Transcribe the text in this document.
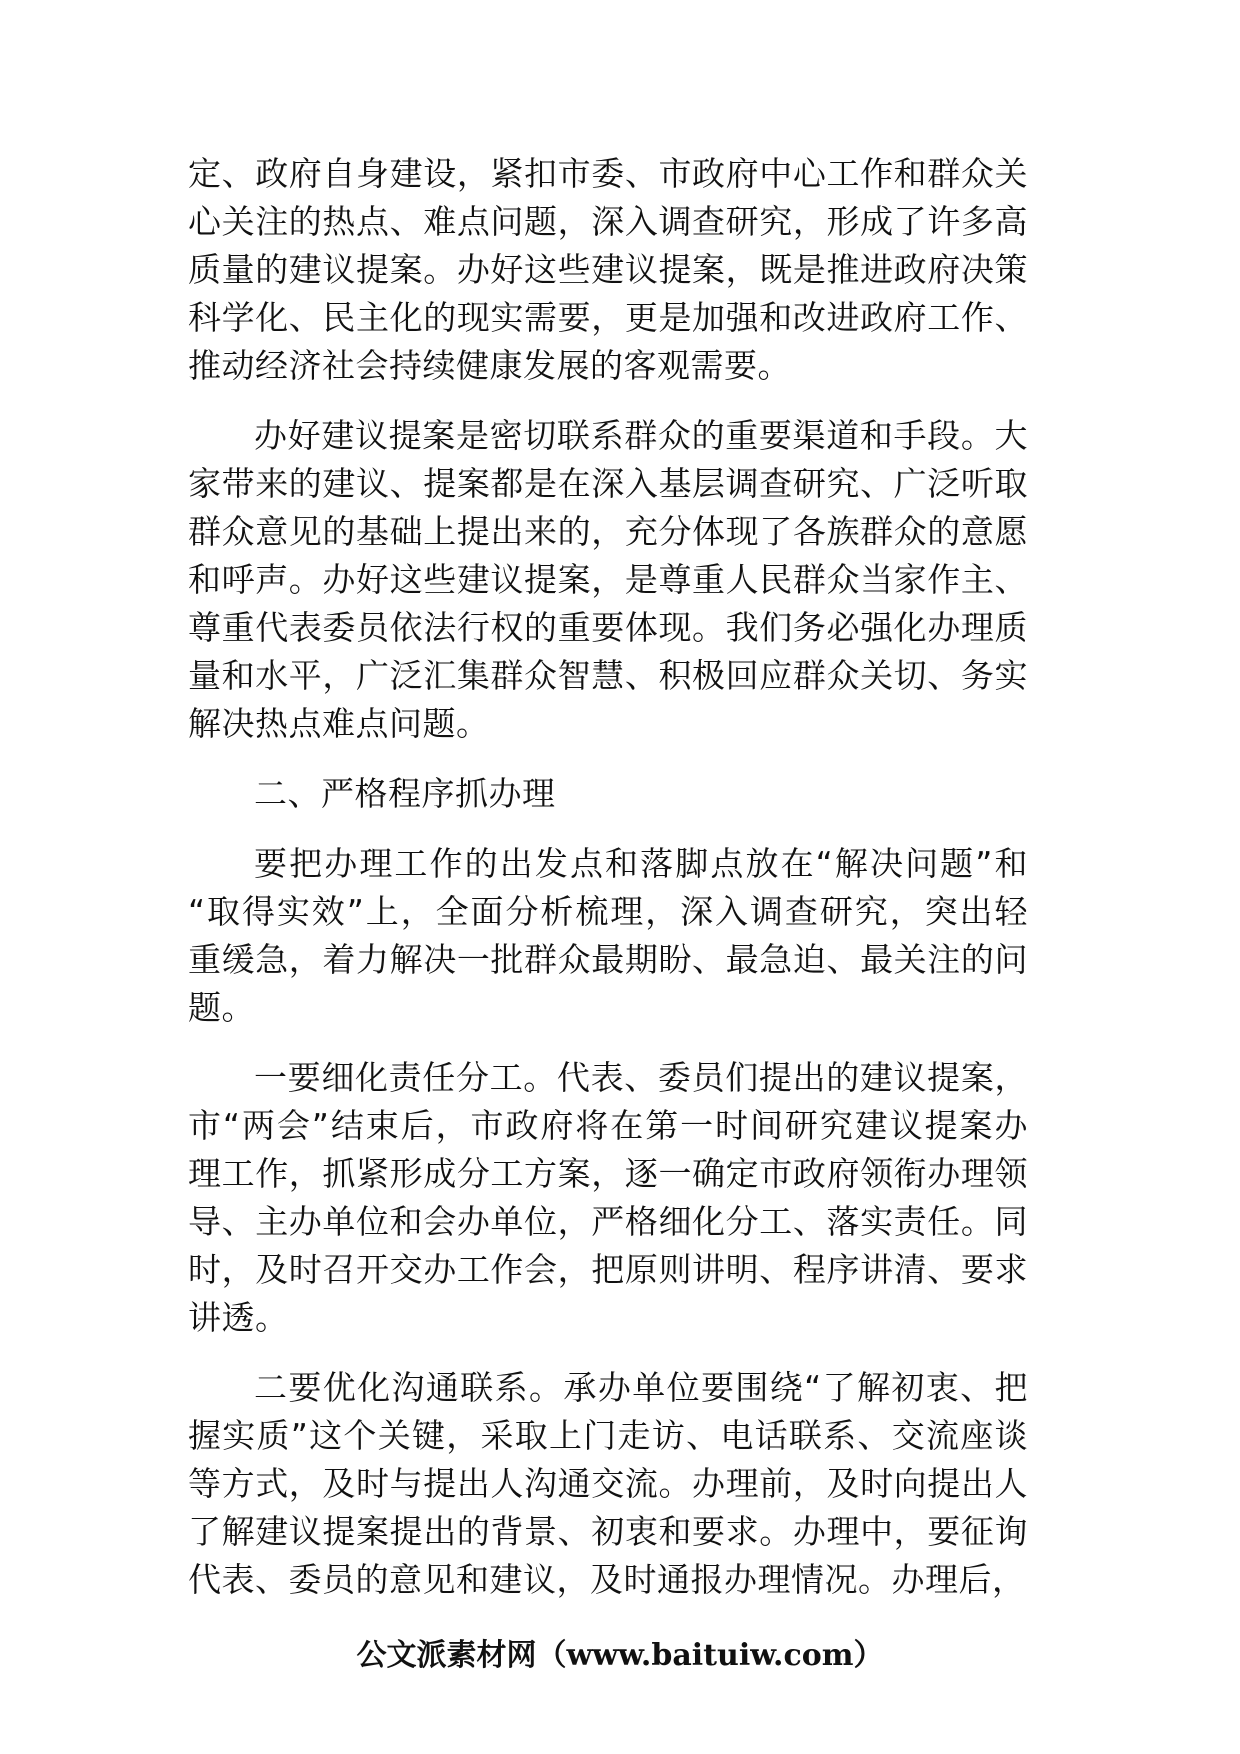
定、政府自身建设，紧扣市委、市政府中心工作和群众关
心关注的热点、难点问题，深入调查研究，形成了许多高
质量的建议提案。办好这些建议提案，既是推进政府决策
科学化、民主化的现实需要，更是加强和改进政府工作、
推动经济社会持续健康发展的客观需要。
办好建议提案是密切联系群众的重要渠道和手段。大
家带来的建议、提案都是在深入基层调查研究、广泛听取
群众意见的基础上提出来的，充分体现了各族群众的意愿
和呼声。办好这些建议提案，是尊重人民群众当家作主、
尊重代表委员依法行权的重要体现。我们务必强化办理质
量和水平，广泛汇集群众智慧、积极回应群众关切、务实
解决热点难点问题。
二、严格程序抓办理
要把办理工作的出发点和落脚点放在“解决问题”和
“取得实效”上，全面分析梳理，深入调查研究，突出轻
重缓急，着力解决一批群众最期盼、最急迫、最关注的问
题。
一要细化责任分工。代表、委员们提出的建议提案，
市“两会”结束后，市政府将在第一时间研究建议提案办
理工作，抓紧形成分工方案，逐一确定市政府领衔办理领
导、主办单位和会办单位，严格细化分工、落实责任。同
时，及时召开交办工作会，把原则讲明、程序讲清、要求
讲透。
二要优化沟通联系。承办单位要围绕“了解初衷、把
握实质”这个关键，采取上门走访、电话联系、交流座谈
等方式，及时与提出人沟通交流。办理前，及时向提出人
了解建议提案提出的背景、初衷和要求。办理中，要征询
代表、委员的意见和建议，及时通报办理情况。办理后，
公文派素材网（www.baituiw.com）
